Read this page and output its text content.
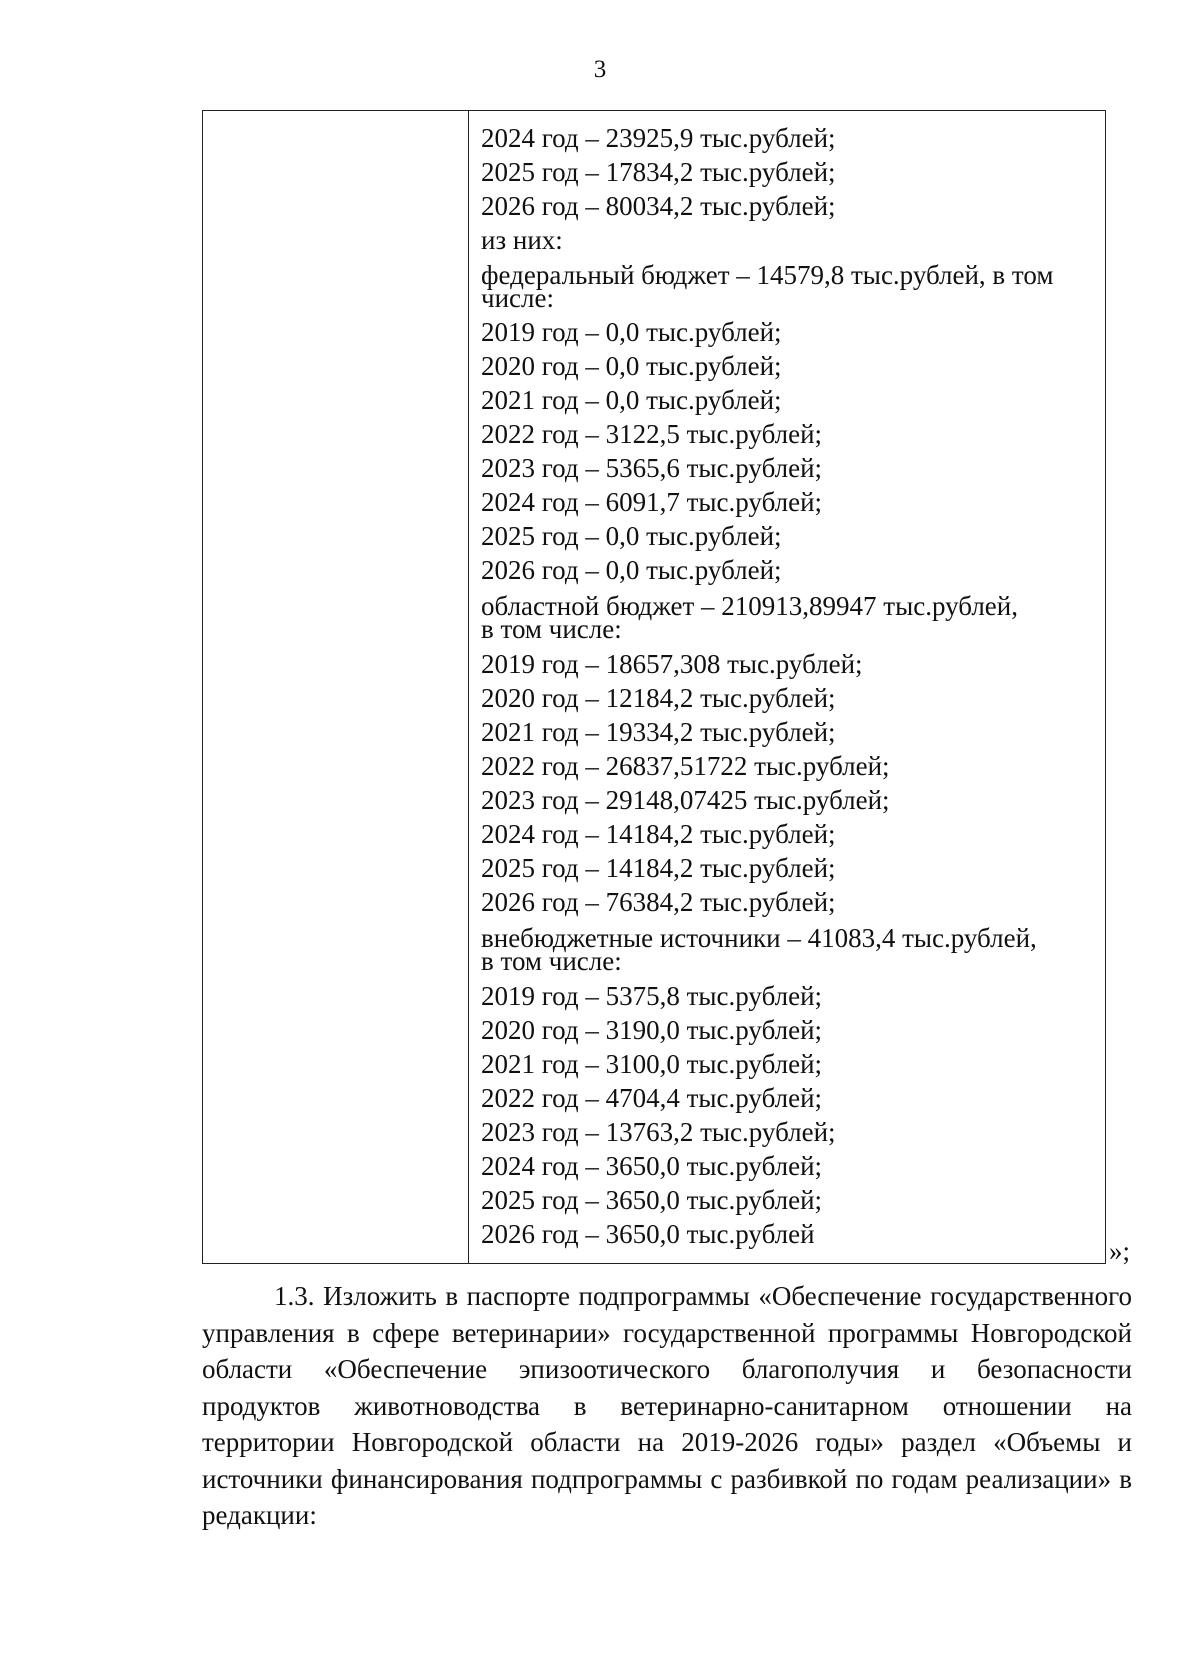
3
2024 год – 23925,9 тыс.рублей;
2025 год – 17834,2 тыс.рублей;
2026 год – 80034,2 тыс.рублей;
из них:
федеральный бюджет – 14579,8 тыс.рублей, в том
числе:
2019 год – 0,0 тыс.рублей;
2020 год – 0,0 тыс.рублей;
2021 год – 0,0 тыс.рублей;
2022 год – 3122,5 тыс.рублей;
2023 год – 5365,6 тыс.рублей;
2024 год – 6091,7 тыс.рублей;
2025 год – 0,0 тыс.рублей;
2026 год – 0,0 тыс.рублей;
областной бюджет – 210913,89947 тыс.рублей,
в том числе:
2019 год – 18657,308 тыс.рублей;
2020 год – 12184,2 тыс.рублей;
2021 год – 19334,2 тыс.рублей;
2022 год – 26837,51722 тыс.рублей;
2023 год – 29148,07425 тыс.рублей;
2024 год – 14184,2 тыс.рублей;
2025 год – 14184,2 тыс.рублей;
2026 год – 76384,2 тыс.рублей;
внебюджетные источники – 41083,4 тыс.рублей,
в том числе:
2019 год – 5375,8 тыс.рублей;
2020 год – 3190,0 тыс.рублей;
2021 год – 3100,0 тыс.рублей;
2022 год – 4704,4 тыс.рублей;
2023 год – 13763,2 тыс.рублей;
2024 год – 3650,0 тыс.рублей;
2025 год – 3650,0 тыс.рублей;
2026 год – 3650,0 тыс.рублей
»;

1.3. Изложить в паспорте подпрограммы «Обеспечение государственного управления в сфере ветеринарии» государственной программы Новгородской области «Обеспечение эпизоотического благополучия и безопасности продуктов животноводства в ветеринарно-санитарном отношении на территории Новгородской области на 2019-2026 годы» раздел «Объемы и источники финансирования подпрограммы с разбивкой по годам реализации» в редакции:
